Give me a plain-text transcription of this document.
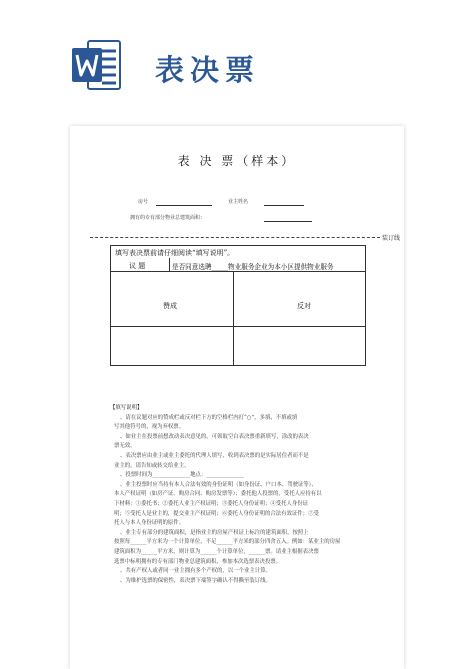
表决票
表 决 票（样本）
房号	业主姓名
拥有的专有部分物业总建筑面积：
装订线
填写表决票前请仔细阅读“填写说明”。
议 题	是否同意选聘_____物业服务企业为本小区提供物业服务
赞成	反对
【填写说明】
、请在议题对应的赞成栏或反对栏下方的空格栏内打“○”，多填、不填或填
写其他符号的，视为弃权票。
、如业主在投票前想改动表决意见的，可领取空白表决票重新填写，涂改的表决
票无效。
、表决票应由业主或业主委托的代理人填写，收到表决票的是实际居住者而不是
业主的，请告知或转交给业主。
、投票时间为______________地点：______________
、业主投票时应当持有本人合法有效的身份证明（如身份证、户口本、驾驶证等）、
本人产权证明（如房产证、购房合同、购房发票等）；委托他人投票的，受托人应持有以
下材料：①委托书；②委托人业主产权证明；③委托人身份证明；④受托人身份证
明；⑤受托人是业主的，提交业主产权证明；⑥委托人身份证明的合法有效证件；⑦受
托人与本人身份证明的原件。
、业主专有部分的建筑面积，是指业主的房屋产权证上标注的建筑面积，按照上
按照每______平方米为一个计算单位，不足______平方米的部分四舍五入。例如：某业主的房屋
建筑面积为______平方米，则计算为______个计算单位，______票。请业主根据表决票
选票中标明拥有的专有部门物业总建筑面积，参加本次选票表决投票。
、共有产权人或者同一业主拥有多个产权的，以一个业主计算。
、为维护选票的保密性，表决票下端签字确认不得撕至装订线。
